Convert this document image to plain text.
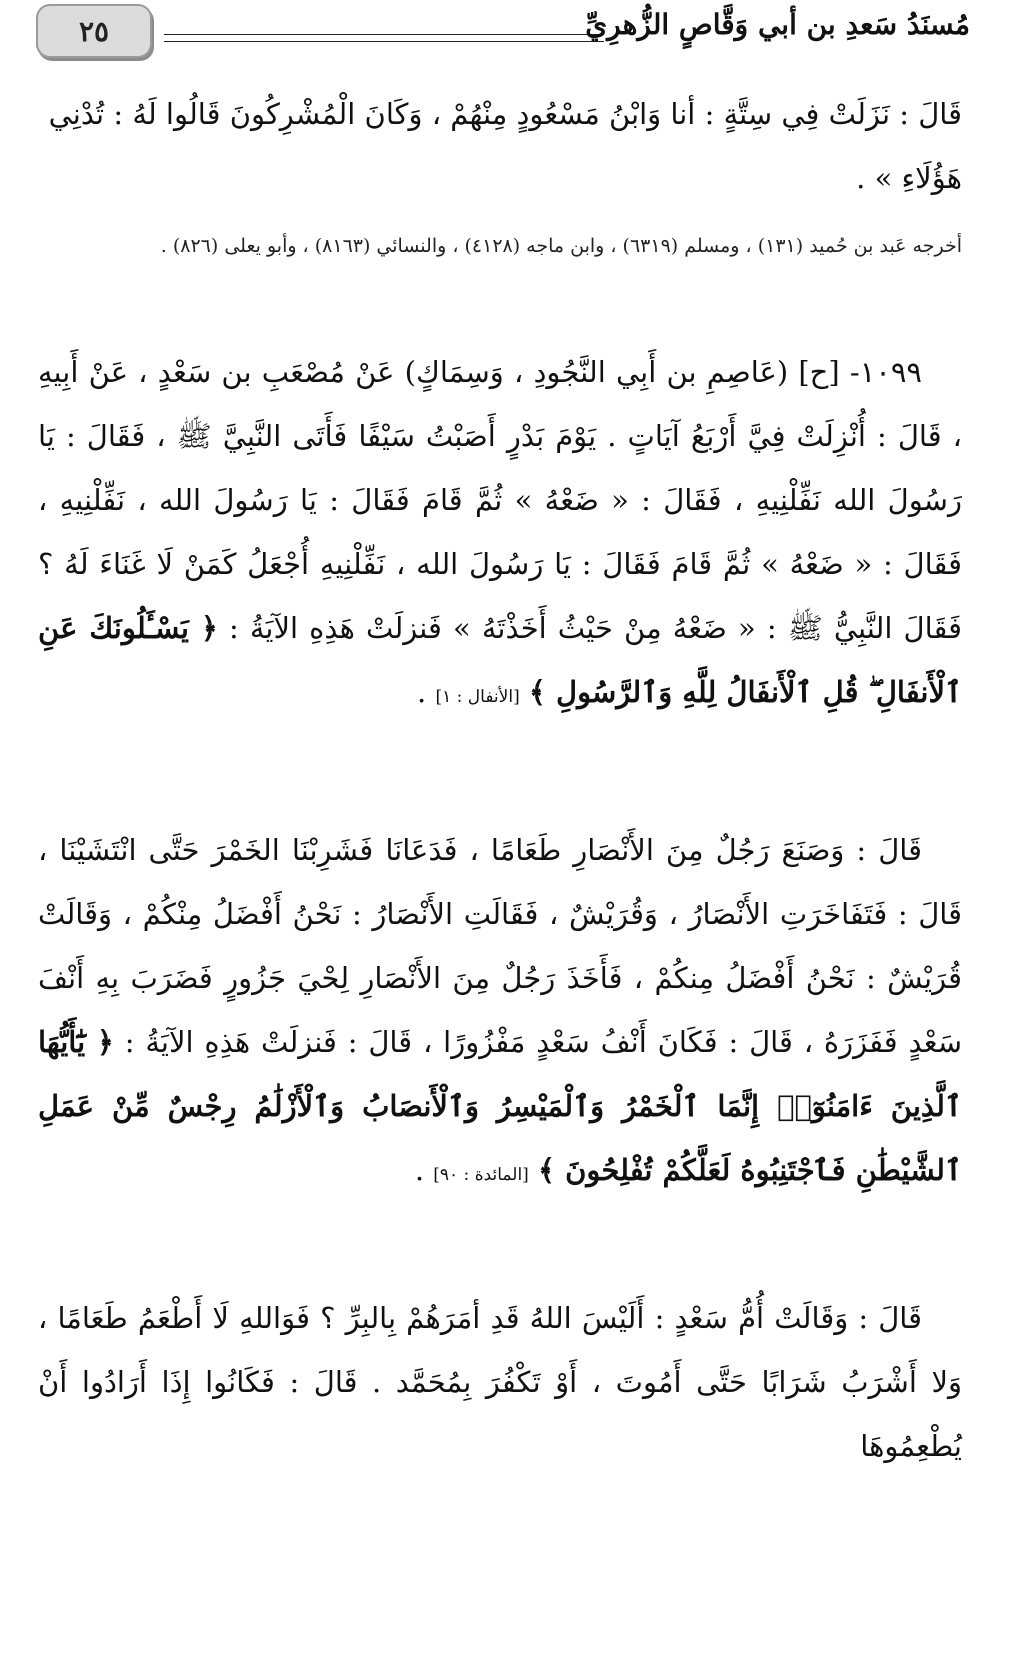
٢٥	مُسنَدُ سَعدِ بن أبي وَقَّاصٍ الزُّهرِيِّ
قَالَ : نَزَلَتْ فِي سِتَّةٍ : أنا وَابْنُ مَسْعُودٍ مِنْهُمْ ، وَكَانَ الْمُشْرِكُونَ قَالُوا لَهُ : تُدْنِي
هَؤُلَاءِ » .
أخرجه عَبد بن حُميد (١٣١) ، ومسلم (٦٣١٩) ، وابن ماجه (٤١٢٨) ، والنسائي (٨١٦٣) ، وأبو يعلى (٨٢٦) .
١٠٩٩- [ح] (عَاصِمِ بن أَبِي النَّجُودِ ، وَسِمَاكٍ) عَنْ مُصْعَبِ بن سَعْدٍ ، عَنْ أَبِيهِ ، قَالَ : أُنْزِلَتْ فِيَّ أَرْبَعُ آيَاتٍ . يَوْمَ بَدْرٍ أَصَبْتُ سَيْفًا فَأَتَى النَّبِيَّ ﷺ ، فَقَالَ : يَا رَسُولَ الله نَفِّلْنِيهِ ، فَقَالَ : « ضَعْهُ » ثُمَّ قَامَ فَقَالَ : يَا رَسُولَ الله ، نَفِّلْنِيهِ ، فَقَالَ : « ضَعْهُ » ثُمَّ قَامَ فَقَالَ : يَا رَسُولَ الله ، نَفِّلْنِيهِ أُجْعَلُ كَمَنْ لَا غَنَاءَ لَهُ ؟ فَقَالَ النَّبِيُّ ﷺ : « ضَعْهُ مِنْ حَيْثُ أَخَذْتَهُ » فَنزلَتْ هَذِهِ الآيَةُ : ﴿ يَسْـَٔلُونَكَ عَنِ ٱلْأَنفَالِ ۖ قُلِ ٱلْأَنفَالُ لِلَّهِ وَٱلرَّسُولِ ﴾ [الأنفال : ١] .
قَالَ : وَصَنَعَ رَجُلٌ مِنَ الأَنْصَارِ طَعَامًا ، فَدَعَانَا فَشَرِبْنَا الخَمْرَ حَتَّى انْتَشَيْنَا ، قَالَ : فَتَفَاخَرَتِ الأَنْصَارُ ، وَقُرَيْشٌ ، فَقَالَتِ الأَنْصَارُ : نَحْنُ أَفْضَلُ مِنْكُمْ ، وَقَالَتْ قُرَيْشٌ : نَحْنُ أَفْضَلُ مِنكُمْ ، فَأَخَذَ رَجُلٌ مِنَ الأَنْصَارِ لِحْيَ جَزُورٍ فَضَرَبَ بِهِ أَنْفَ سَعْدٍ فَفَزَرَهُ ، قَالَ : فَكَانَ أَنْفُ سَعْدٍ مَفْزُورًا ، قَالَ : فَنزلَتْ هَذِهِ الآيَةُ : ﴿ يَٰٓأَيُّهَا ٱلَّذِينَ ءَامَنُوٓا۟ إِنَّمَا ٱلْخَمْرُ وَٱلْمَيْسِرُ وَٱلْأَنصَابُ وَٱلْأَزْلَٰمُ رِجْسٌ مِّنْ عَمَلِ ٱلشَّيْطَٰنِ فَٱجْتَنِبُوهُ لَعَلَّكُمْ تُفْلِحُونَ ﴾ [المائدة : ٩٠] .
قَالَ : وَقَالَتْ أُمُّ سَعْدٍ : أَلَيْسَ اللهُ قَدِ أمَرَهُمْ بِالبِرِّ ؟ فَوَاللهِ لَا أَطْعَمُ طَعَامًا ، وَلا أَشْرَبُ شَرَابًا حَتَّى أَمُوتَ ، أَوْ تَكْفُرَ بِمُحَمَّد . قَالَ : فَكَانُوا إِذَا أَرَادُوا أَنْ يُطْعِمُوهَا
